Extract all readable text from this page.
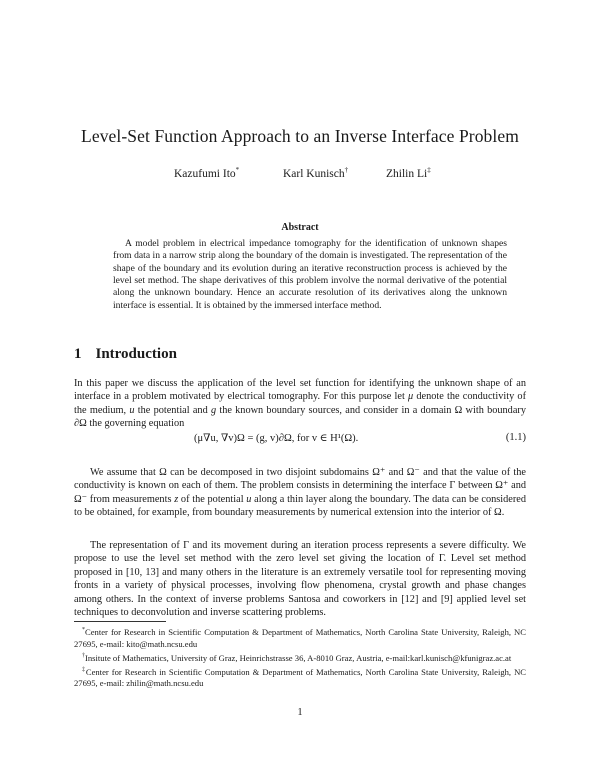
Level-Set Function Approach to an Inverse Interface Problem
Kazufumi Ito*	Karl Kunisch†	Zhilin Li‡
Abstract

A model problem in electrical impedance tomography for the identification of unknown shapes from data in a narrow strip along the boundary of the domain is investigated. The representation of the shape of the boundary and its evolution during an iterative reconstruction process is achieved by the level set method. The shape derivatives of this problem involve the normal derivative of the potential along the unknown boundary. Hence an accurate resolution of its derivatives along the unknown interface is essential. It is obtained by the immersed interface method.

1 Introduction

In this paper we discuss the application of the level set function for identifying the unknown shape of an interface in a problem motivated by electrical tomography. For this purpose let μ denote the conductivity of the medium, u the potential and g the known boundary sources, and consider in a domain Ω with boundary ∂Ω the governing equation

(μ∇u, ∇v)Ω = (g, v)∂Ω, for v ∈ H¹(Ω).	(1.1)

We assume that Ω can be decomposed in two disjoint subdomains Ω⁺ and Ω⁻ and that the value of the conductivity is known on each of them. The problem consists in determining the interface Γ between Ω⁺ and Ω⁻ from measurements z of the potential u along a thin layer along the boundary. The data can be considered to be obtained, for example, from boundary measurements by numerical extension into the interior of Ω.

The representation of Γ and its movement during an iteration process represents a severe difficulty. We propose to use the level set method with the zero level set giving the location of Γ. Level set method proposed in [10, 13] and many others in the literature is an extremely versatile tool for representing moving fronts in a variety of physical processes, involving flow phenomena, crystal growth and phase changes among others. In the context of inverse problems Santosa and coworkers in [12] and [9] applied level set techniques to deconvolution and inverse scattering problems.

*Center for Research in Scientific Computation & Department of Mathematics, North Carolina State University, Raleigh, NC 27695, e-mail: kito@math.ncsu.edu

†Insitute of Mathematics, University of Graz, Heinrichstrasse 36, A-8010 Graz, Austria, e-mail:karl.kunisch@kfunigraz.ac.at

‡Center for Research in Scientific Computation & Department of Mathematics, North Carolina State University, Raleigh, NC 27695, e-mail: zhilin@math.ncsu.edu

1
